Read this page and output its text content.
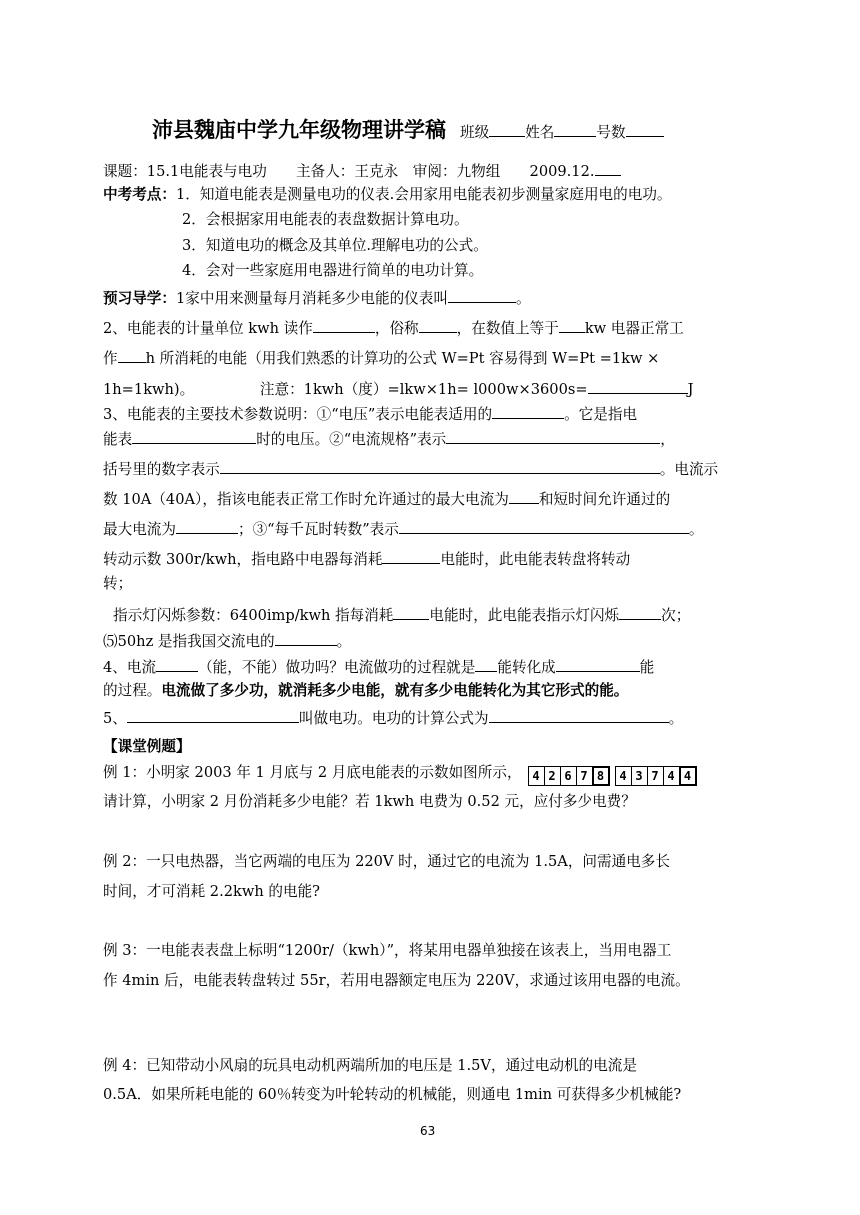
沛县魏庙中学九年级物理讲学稿 班级 姓名	号数
课题：15.1电能表与电功　　主备人：王克永　审阅：九物组　　2009.12.
中考考点：1．知道电能表是测量电功的仪表.会用家用电能表初步测量家庭用电的电功。
2．会根据家用电能表的表盘数据计算电功。
3．知道电功的概念及其单位.理解电功的公式。
4．会对一些家庭用电器进行简单的电功计算。
预习导学：1家中用来测量每月消耗多少电能的仪表叫	。
2、电能表的计量单位 kwh 读作	，俗称	，在数值上等于 kw 电器正常工
作 h 所消耗的电能（用我们熟悉的计算功的公式 W=Pt 容易得到 W=Pt =1kw ×
1h=1kwh)。　　　　　注意：1kwh（度）=lkw×1h= l000w×3600s=	J
3、电能表的主要技术参数说明：①“电压”表示电能表适用的	。它是指电
能表	时的电压。②“电流规格”表示	，
括号里的数字表示	。电流示
数 10A（40A），指该电能表正常工作时允许通过的最大电流为 和短时间允许通过的
最大电流为	；③“每千瓦时转数”表示	。
转动示数 300r/kwh，指电路中电器每消耗	电能时，此电能表转盘将转动
转；
指示灯闪烁参数：6400imp/kwh 指每消耗 电能时，此电能表指示灯闪烁	次；
⑸50hz 是指我国交流电的	。
4、电流	（能，不能）做功吗？电流做功的过程就是 能转化成	能
的过程。电流做了多少功，就消耗多少电能，就有多少电能转化为其它形式的能。
5、	叫做电功。电功的计算公式为	。
【课堂例题】
例 1：小明家 2003 年 1 月底与 2 月底电能表的示数如图所示， 4 2 6 7 8	4 3 7 4 4
请计算，小明家 2 月份消耗多少电能？若 1kwh 电费为 0.52 元，应付多少电费？
例 2：一只电热器，当它两端的电压为 220V 时，通过它的电流为 1.5A，问需通电多长
时间，才可消耗 2.2kwh 的电能?
例 3：一电能表表盘上标明“1200r/（kwh）”，将某用电器单独接在该表上，当用电器工
作 4min 后，电能表转盘转过 55r，若用电器额定电压为 220V，求通过该用电器的电流。
例 4：已知带动小风扇的玩具电动机两端所加的电压是 1.5V，通过电动机的电流是
0.5A．如果所耗电能的 60％转变为叶轮转动的机械能，则通电 1min 可获得多少机械能?
63
